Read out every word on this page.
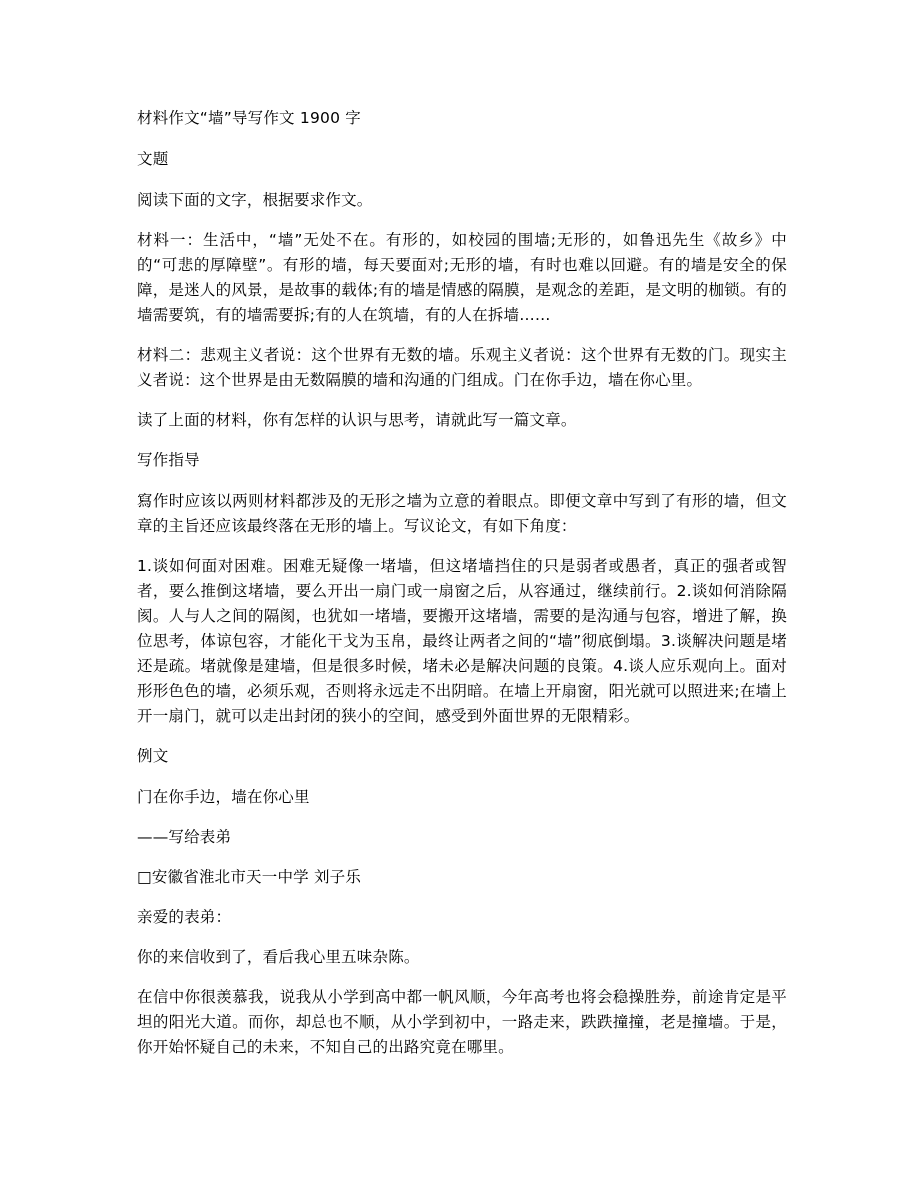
材料作文“墙”导写作文 1900 字

文题

阅读下面的文字，根据要求作文。

材料一：生活中，“墙”无处不在。有形的，如校园的围墙;无形的，如鲁迅先生《故乡》中的“可悲的厚障壁”。有形的墙，每天要面对;无形的墙，有时也难以回避。有的墙是安全的保障，是迷人的风景，是故事的载体;有的墙是情感的隔膜，是观念的差距，是文明的枷锁。有的墙需要筑，有的墙需要拆;有的人在筑墙，有的人在拆墙……

材料二：悲观主义者说：这个世界有无数的墙。乐观主义者说：这个世界有无数的门。现实主义者说：这个世界是由无数隔膜的墙和沟通的门组成。门在你手边，墙在你心里。

读了上面的材料，你有怎样的认识与思考，请就此写一篇文章。

写作指导

寫作时应该以两则材料都涉及的无形之墙为立意的着眼点。即便文章中写到了有形的墙，但文章的主旨还应该最终落在无形的墙上。写议论文，有如下角度：

1.谈如何面对困难。困难无疑像一堵墙，但这堵墙挡住的只是弱者或愚者，真正的强者或智者，要么推倒这堵墙，要么开出一扇门或一扇窗之后，从容通过，继续前行。2.谈如何消除隔阂。人与人之间的隔阂，也犹如一堵墙，要搬开这堵墙，需要的是沟通与包容，增进了解，换位思考，体谅包容，才能化干戈为玉帛，最终让两者之间的“墙”彻底倒塌。3.谈解决问题是堵还是疏。堵就像是建墙，但是很多时候，堵未必是解决问题的良策。4.谈人应乐观向上。面对形形色色的墙，必须乐观，否则将永远走不出阴暗。在墙上开扇窗，阳光就可以照进来;在墙上开一扇门，就可以走出封闭的狭小的空间，感受到外面世界的无限精彩。

例文

门在你手边，墙在你心里

——写给表弟

□安徽省淮北市天一中学 刘子乐

亲爱的表弟：

你的来信收到了，看后我心里五味杂陈。

在信中你很羡慕我，说我从小学到高中都一帆风顺，今年高考也将会稳操胜券，前途肯定是平坦的阳光大道。而你，却总也不顺，从小学到初中，一路走来，跌跌撞撞，老是撞墙。于是，你开始怀疑自己的未来，不知自己的出路究竟在哪里。
